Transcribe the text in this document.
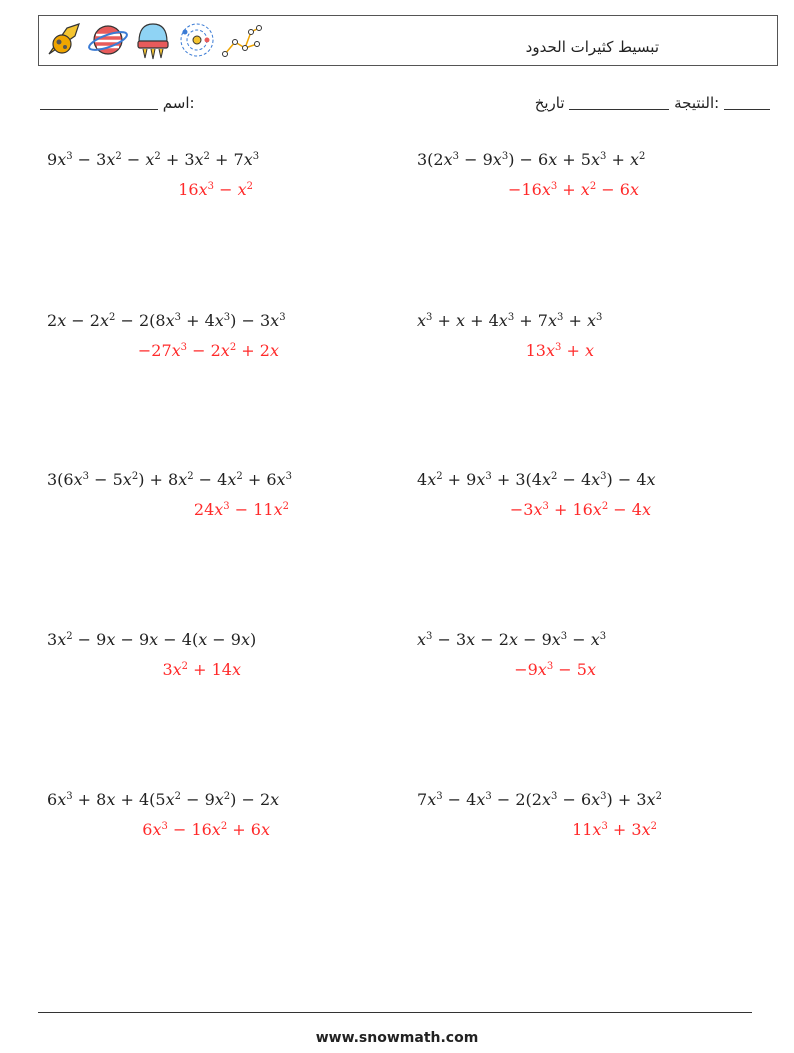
تبسيط كثيرات الحدود
اسم:	النتيجة  تاريخ:
$9x^3 - 3x^2 - x^2 + 3x^2 + 7x^3$
$16x^3 - x^2$
$3(2x^3 - 9x^3) - 6x + 5x^3 + x^2$
$-16x^3 + x^2 - 6x$
$2x - 2x^2 - 2(8x^3 + 4x^3) - 3x^3$
$-27x^3 - 2x^2 + 2x$
$x^3 + x + 4x^3 + 7x^3 + x^3$
$13x^3 + x$
$3(6x^3 - 5x^2) + 8x^2 - 4x^2 + 6x^3$
$24x^3 - 11x^2$
$4x^2 + 9x^3 + 3(4x^2 - 4x^3) - 4x$
$-3x^3 + 16x^2 - 4x$
$3x^2 - 9x - 9x - 4(x - 9x)$
$3x^2 + 14x$
$x^3 - 3x - 2x - 9x^3 - x^3$
$-9x^3 - 5x$
$6x^3 + 8x + 4(5x^2 - 9x^2) - 2x$
$6x^3 - 16x^2 + 6x$
$7x^3 - 4x^3 - 2(2x^3 - 6x^3) + 3x^2$
$11x^3 + 3x^2$
www.snowmath.com
